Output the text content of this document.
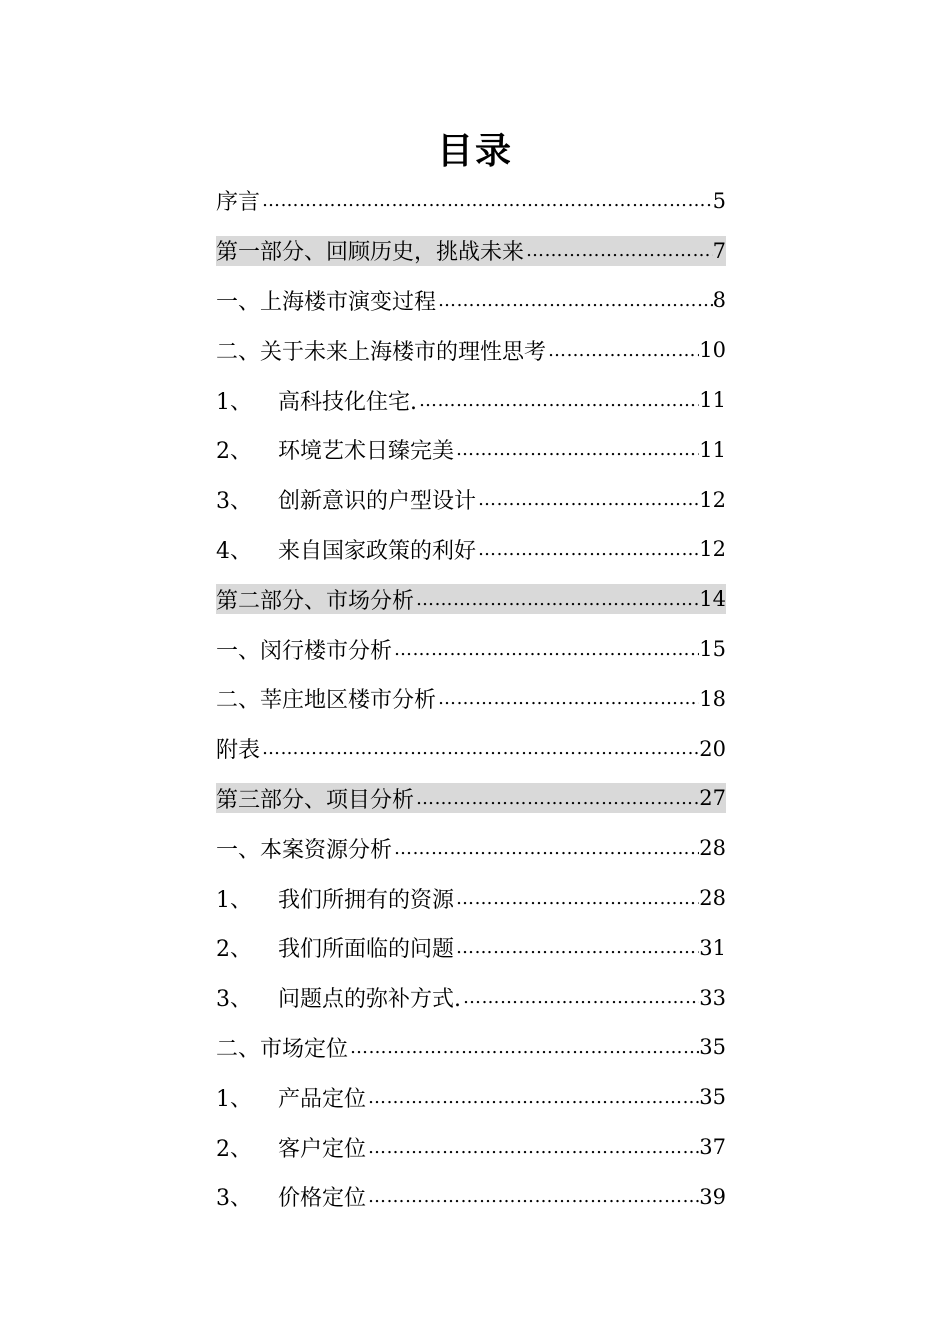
目录
序言 ……………………………………………………………………………………………………………	5
第一部分、回顾历史，挑战未来 ……………………………………………………………………………………………………………	7
一、上海楼市演变过程 ……………………………………………………………………………………………………………	8
二、关于未来上海楼市的理性思考 ……………………………………………………………………………………………………………	10
1、	高科技化住宅. ……………………………………………………………………………………………………………	11
2、	环境艺术日臻完美 ……………………………………………………………………………………………………………	11
3、	创新意识的户型设计 ……………………………………………………………………………………………………………	12
4、	来自国家政策的利好 ……………………………………………………………………………………………………………	12
第二部分、市场分析 ……………………………………………………………………………………………………………	14
一、闵行楼市分析 ……………………………………………………………………………………………………………	15
二、莘庄地区楼市分析 ……………………………………………………………………………………………………………	18
附表 ……………………………………………………………………………………………………………	20
第三部分、项目分析 ……………………………………………………………………………………………………………	27
一、本案资源分析 ……………………………………………………………………………………………………………	28
1、	我们所拥有的资源 ……………………………………………………………………………………………………………	28
2、	我们所面临的问题 ……………………………………………………………………………………………………………	31
3、	问题点的弥补方式. ……………………………………………………………………………………………………………	33
二、市场定位 ……………………………………………………………………………………………………………	35
1、	产品定位 ……………………………………………………………………………………………………………	35
2、	客户定位 ……………………………………………………………………………………………………………	37
3、	价格定位 ……………………………………………………………………………………………………………	39
